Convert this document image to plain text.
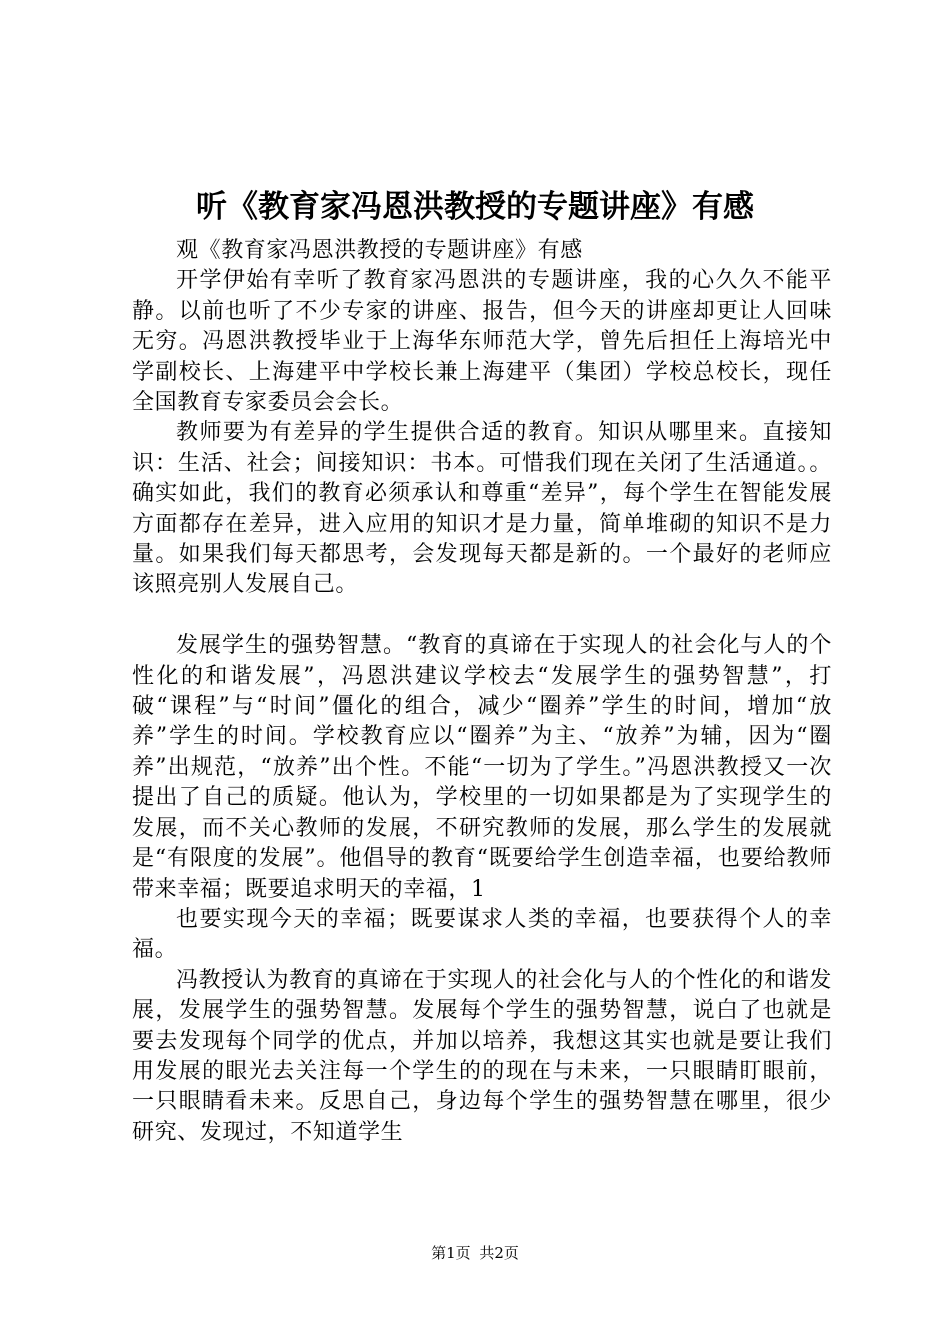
听《教育家冯恩洪教授的专题讲座》有感

观《教育家冯恩洪教授的专题讲座》有感

开学伊始有幸听了教育家冯恩洪的专题讲座，我的心久久不能平静。以前也听了不少专家的讲座、报告，但今天的讲座却更让人回味无穷。冯恩洪教授毕业于上海华东师范大学，曾先后担任上海培光中学副校长、上海建平中学校长兼上海建平（集团）学校总校长，现任全国教育专家委员会会长。

教师要为有差异的学生提供合适的教育。知识从哪里来。直接知识：生活、社会；间接知识：书本。可惜我们现在关闭了生活通道。。确实如此，我们的教育必须承认和尊重“差异”，每个学生在智能发展方面都存在差异，进入应用的知识才是力量，简单堆砌的知识不是力量。如果我们每天都思考，会发现每天都是新的。一个最好的老师应该照亮别人发展自己。

发展学生的强势智慧。“教育的真谛在于实现人的社会化与人的个性化的和谐发展”，冯恩洪建议学校去“发展学生的强势智慧”，打破“课程”与“时间”僵化的组合，减少“圈养”学生的时间，增加“放养”学生的时间。学校教育应以“圈养”为主、“放养”为辅，因为“圈养”出规范，“放养”出个性。不能“一切为了学生。”冯恩洪教授又一次提出了自己的质疑。他认为，学校里的一切如果都是为了实现学生的发展，而不关心教师的发展，不研究教师的发展，那么学生的发展就是“有限度的发展”。他倡导的教育“既要给学生创造幸福，也要给教师带来幸福；既要追求明天的幸福，1

也要实现今天的幸福；既要谋求人类的幸福，也要获得个人的幸福。

冯教授认为教育的真谛在于实现人的社会化与人的个性化的和谐发展，发展学生的强势智慧。发展每个学生的强势智慧，说白了也就是要去发现每个同学的优点，并加以培养，我想这其实也就是要让我们用发展的眼光去关注每一个学生的的现在与未来，一只眼睛盯眼前，一只眼睛看未来。反思自己，身边每个学生的强势智慧在哪里，很少研究、发现过，不知道学生

第1页 共2页
